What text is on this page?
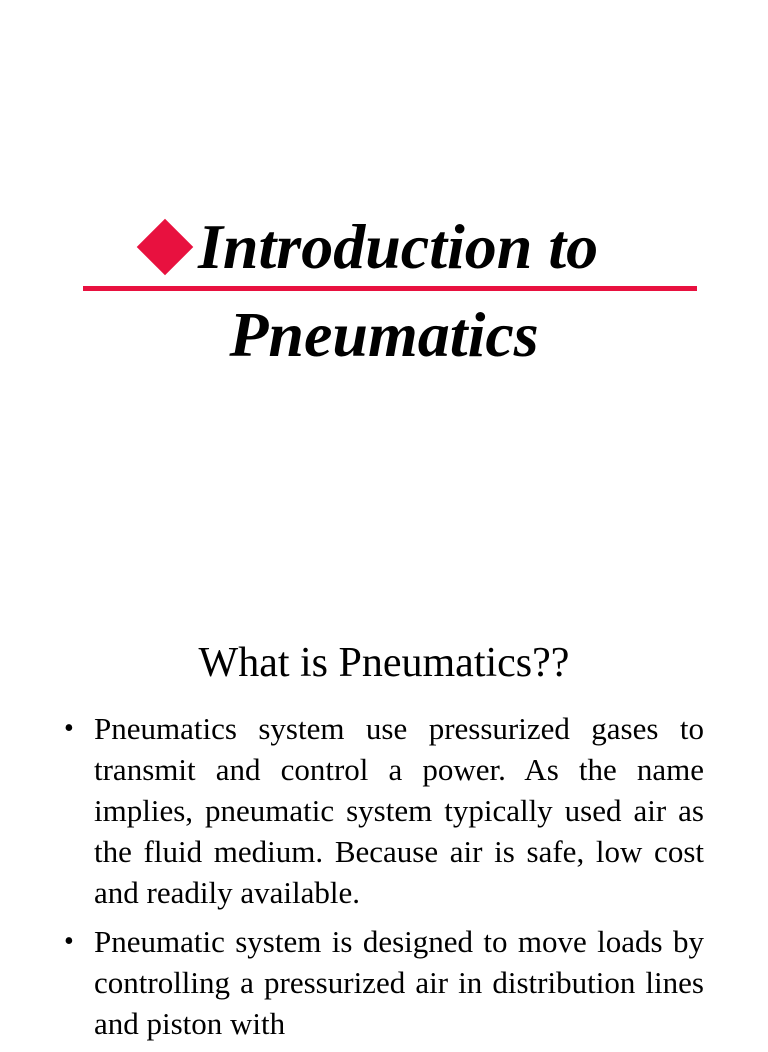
Introduction to
Pneumatics
What is Pneumatics??
• Pneumatics system use pressurized gases to transmit and control a power. As the name implies, pneumatic system typically used air as the fluid medium. Because air is safe, low cost and readily available.
• Pneumatic system is designed to move loads by controlling a pressurized air in distribution lines and piston with
